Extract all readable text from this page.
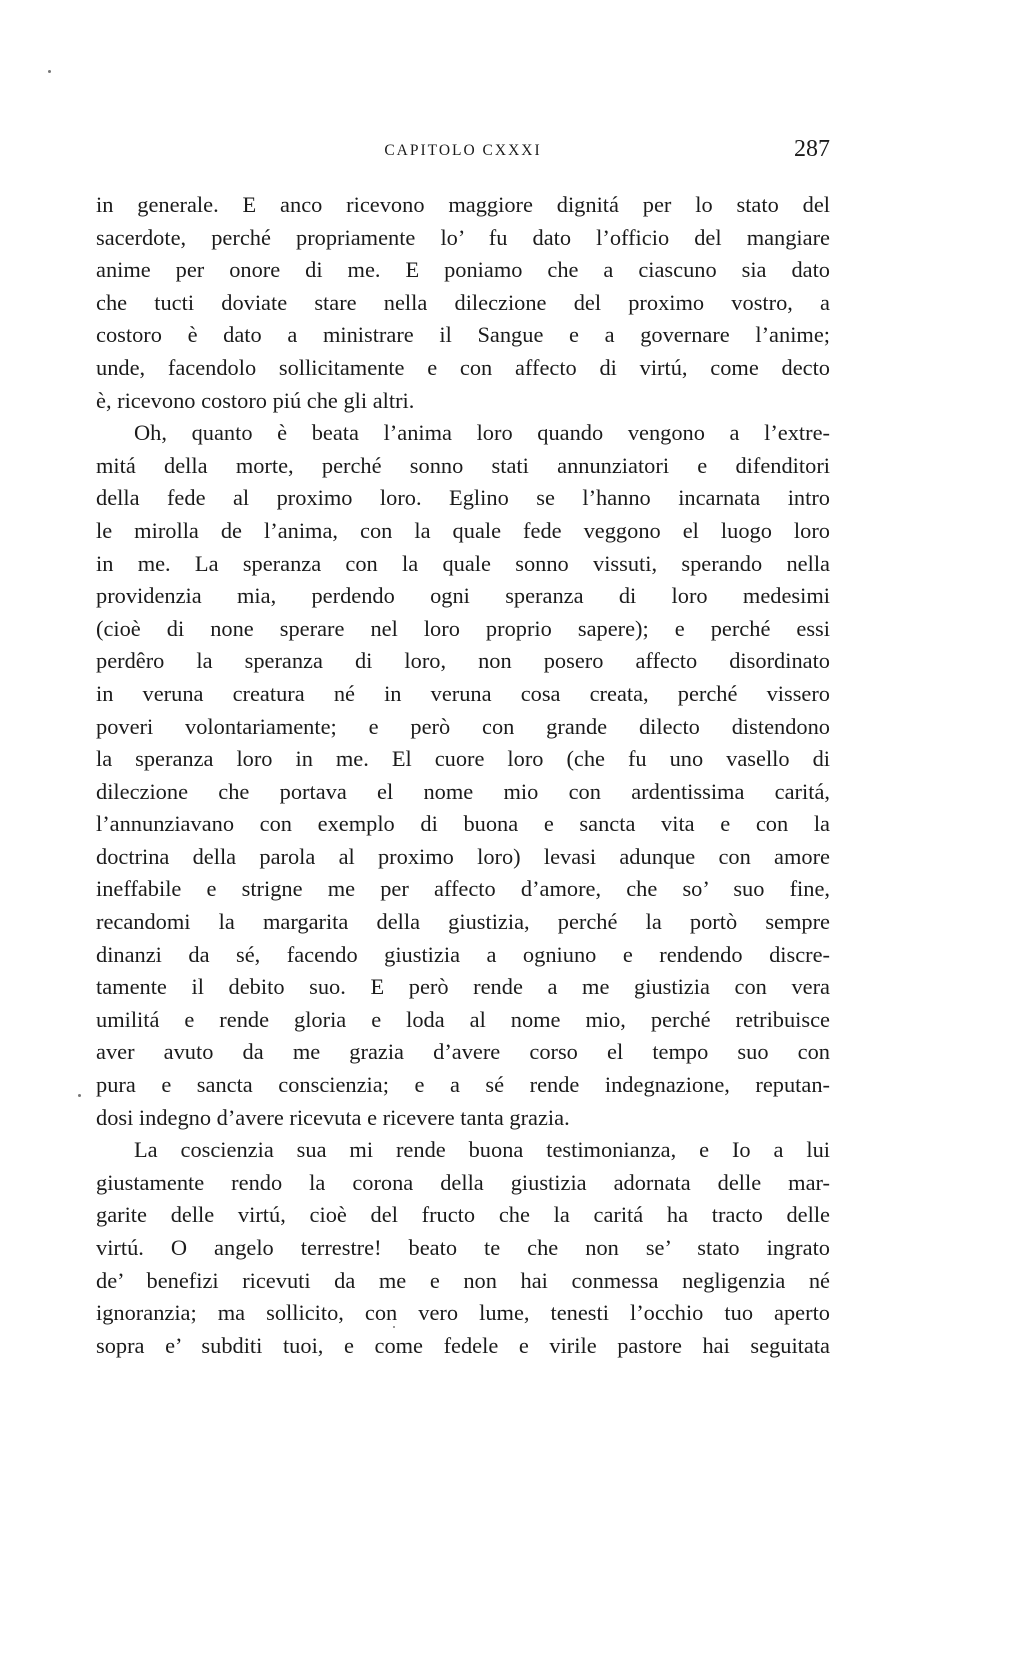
CAPITOLO CXXXI	287
in generale. E anco ricevono maggiore dignitá per lo stato del
sacerdote, perché propriamente lo’ fu dato l’officio del mangiare
anime per onore di me. E poniamo che a ciascuno sia dato
che tucti doviate stare nella dileczione del proximo vostro, a
costoro è dato a ministrare il Sangue e a governare l’anime;
unde, facendolo sollicitamente e con affecto di virtú, come decto
è, ricevono costoro piú che gli altri.
Oh, quanto è beata l’anima loro quando vengono a l’extre-
mitá della morte, perché sonno stati annunziatori e difenditori
della fede al proximo loro. Eglino se l’hanno incarnata intro
le mirolla de l’anima, con la quale fede veggono el luogo loro
in me. La speranza con la quale sonno vissuti, sperando nella
providenzia mia, perdendo ogni speranza di loro medesimi
(cioè di none sperare nel loro proprio sapere); e perché essi
perdêro la speranza di loro, non posero affecto disordinato
in veruna creatura né in veruna cosa creata, perché vissero
poveri volontariamente; e però con grande dilecto distendono
la speranza loro in me. El cuore loro (che fu uno vasello di
dileczione che portava el nome mio con ardentissima caritá,
l’annunziavano con exemplo di buona e sancta vita e con la
doctrina della parola al proximo loro) levasi adunque con amore
ineffabile e strigne me per affecto d’amore, che so’ suo fine,
recandomi la margarita della giustizia, perché la portò sempre
dinanzi da sé, facendo giustizia a ogniuno e rendendo discre-
tamente il debito suo. E però rende a me giustizia con vera
umilitá e rende gloria e loda al nome mio, perché retribuisce
aver avuto da me grazia d’avere corso el tempo suo con
pura e sancta conscienzia; e a sé rende indegnazione, reputan-
dosi indegno d’avere ricevuta e ricevere tanta grazia.
La coscienzia sua mi rende buona testimonianza, e Io a lui
giustamente rendo la corona della giustizia adornata delle mar-
garite delle virtú, cioè del fructo che la caritá ha tracto delle
virtú. O angelo terrestre! beato te che non se’ stato ingrato
de’ benefizi ricevuti da me e non hai conmessa negligenzia né
ignoranzia; ma sollicito, con vero lume, tenesti l’occhio tuo aperto
sopra e’ subditi tuoi, e come fedele e virile pastore hai seguitata
